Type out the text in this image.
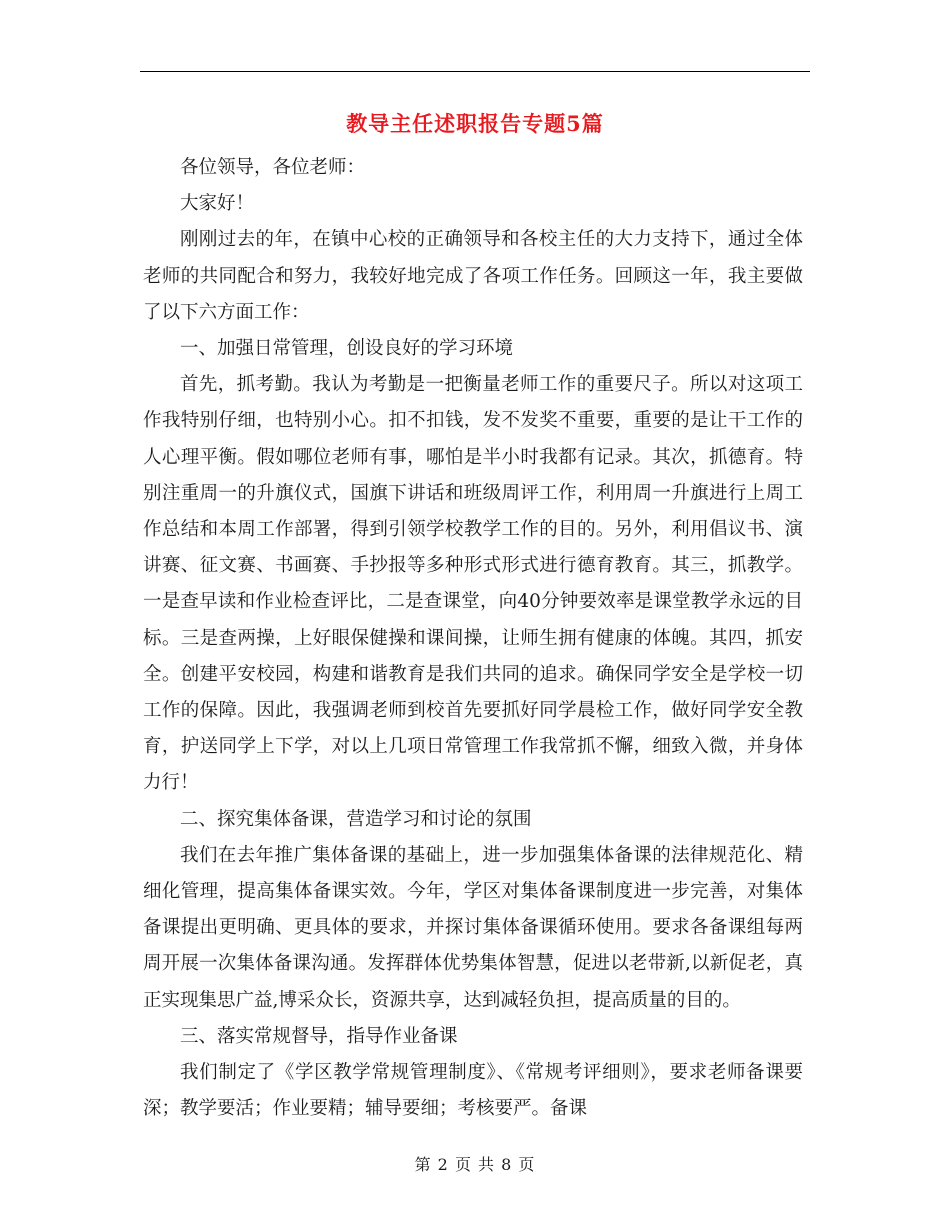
教导主任述职报告专题5篇

各位领导，各位老师：

大家好！

刚刚过去的年，在镇中心校的正确领导和各校主任的大力支持下，通过全体老师的共同配合和努力，我较好地完成了各项工作任务。回顾这一年，我主要做了以下六方面工作：

一、加强日常管理，创设良好的学习环境

首先，抓考勤。我认为考勤是一把衡量老师工作的重要尺子。所以对这项工作我特别仔细，也特别小心。扣不扣钱，发不发奖不重要，重要的是让干工作的人心理平衡。假如哪位老师有事，哪怕是半小时我都有记录。其次，抓德育。特别注重周一的升旗仪式，国旗下讲话和班级周评工作，利用周一升旗进行上周工作总结和本周工作部署，得到引领学校教学工作的目的。另外，利用倡议书、演讲赛、征文赛、书画赛、手抄报等多种形式形式进行德育教育。其三，抓教学。一是查早读和作业检查评比，二是查课堂，向40分钟要效率是课堂教学永远的目标。三是查两操，上好眼保健操和课间操，让师生拥有健康的体魄。其四，抓安全。创建平安校园，构建和谐教育是我们共同的追求。确保同学安全是学校一切工作的保障。因此，我强调老师到校首先要抓好同学晨检工作，做好同学安全教育，护送同学上下学，对以上几项日常管理工作我常抓不懈，细致入微，并身体力行！

二、探究集体备课，营造学习和讨论的氛围

我们在去年推广集体备课的基础上，进一步加强集体备课的法律规范化、精细化管理，提高集体备课实效。今年，学区对集体备课制度进一步完善，对集体备课提出更明确、更具体的要求，并探讨集体备课循环使用。要求各备课组每两周开展一次集体备课沟通。发挥群体优势集体智慧，促进以老带新,以新促老，真正实现集思广益,博采众长，资源共享，达到减轻负担，提高质量的目的。

三、落实常规督导，指导作业备课

我们制定了《学区教学常规管理制度》、《常规考评细则》，要求老师备课要深；教学要活；作业要精；辅导要细；考核要严。备课

第 2 页 共 8 页
